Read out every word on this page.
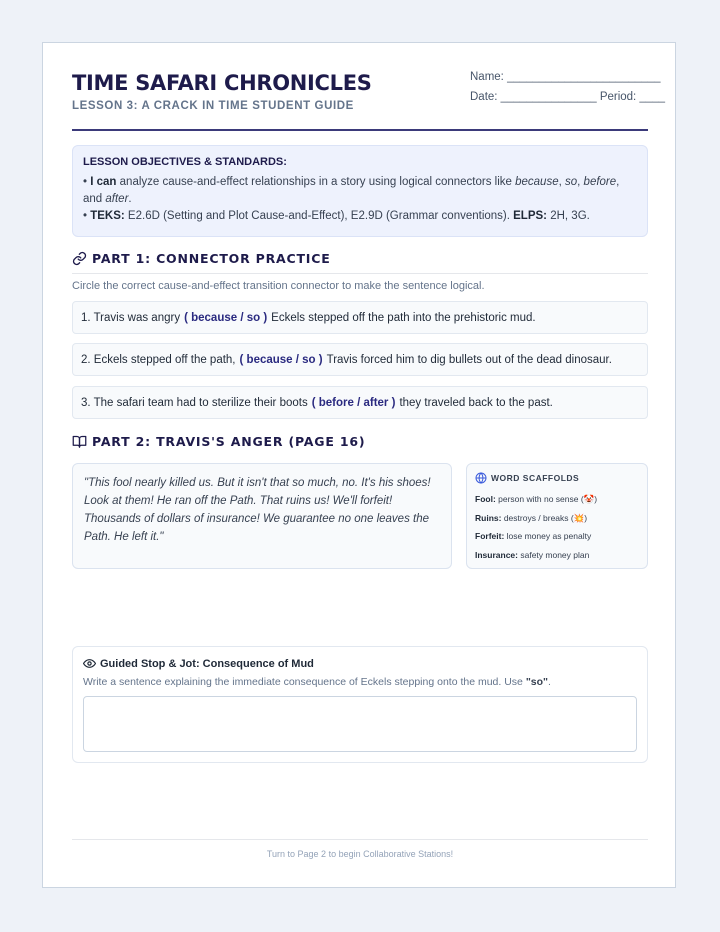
TIME SAFARI CHRONICLES
LESSON 3: A CRACK IN TIME STUDENT GUIDE
Name: ________________________
Date: _______________ Period: ____
LESSON OBJECTIVES & STANDARDS:
• I can analyze cause-and-effect relationships in a story using logical connectors like because, so, before, and after.
• TEKS: E2.6D (Setting and Plot Cause-and-Effect), E2.9D (Grammar conventions). ELPS: 2H, 3G.
PART 1: CONNECTOR PRACTICE
Circle the correct cause-and-effect transition connector to make the sentence logical.
1. Travis was angry ( because / so ) Eckels stepped off the path into the prehistoric mud.
2. Eckels stepped off the path, ( because / so ) Travis forced him to dig bullets out of the dead dinosaur.
3. The safari team had to sterilize their boots ( before / after ) they traveled back to the past.
PART 2: TRAVIS'S ANGER (PAGE 16)
"This fool nearly killed us. But it isn't that so much, no. It's his shoes! Look at them! He ran off the Path. That ruins us! We'll forfeit! Thousands of dollars of insurance! We guarantee no one leaves the Path. He left it."
WORD SCAFFOLDS
Fool: person with no sense (🤡)
Ruins: destroys / breaks (💥)
Forfeit: lose money as penalty
Insurance: safety money plan
Guided Stop & Jot: Consequence of Mud
Write a sentence explaining the immediate consequence of Eckels stepping onto the mud. Use "so".
Turn to Page 2 to begin Collaborative Stations!
